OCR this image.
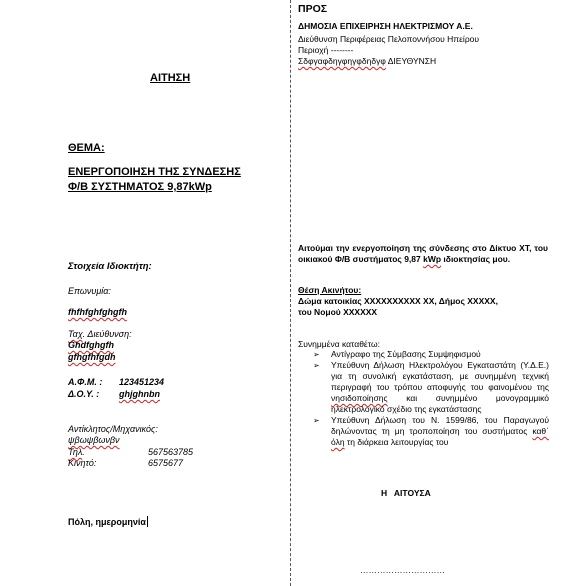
ΑΙΤΗΣΗ
ΘΕΜΑ:
ΕΝΕΡΓΟΠΟΙΗΣΗ ΤΗΣ ΣΥΝΔΕΣΗΣ
Φ/Β ΣΥΣΤΗΜΑΤΟΣ 9,87kWp
Στοιχεία Ιδιοκτήτη:
Επωνυμία:
fhfhfghfghgfh
Ταχ. Διεύθυνση:
Ghdfghgfh
gfhgfhfgdh
Α.Φ.Μ. : 123451234
Δ.Ο.Υ. : ghjghnbn
Αντίκλητος/Μηχανικός:
ψβωψβωνβν
Τηλ.	567563785
Κινητό:	6575677
Πόλη, ημερομηνία
ΠΡΟΣ
ΔΗΜΟΣΙΑ ΕΠΙΧΕΙΡΗΣΗ ΗΛΕΚΤΡΙΣΜΟΥ Α.Ε.
Διεύθυνση Περιφέρειας Πελοποννήσου Ηπείρου
Περιοχή --------
Σδφγαφδηγφηγφδηδγφ ΔΙΕΥΘΥΝΣΗ
Αιτούμαι την ενεργοποίηση της σύνδεσης στο Δίκτυο ΧΤ, του οικιακού Φ/Β συστήματος 9,87 kWp ιδιοκτησίας μου.
Θέση Ακινήτου:
Δώμα κατοικίας ΧΧΧΧΧΧΧΧΧΧ ΧΧ, Δήμος ΧΧΧΧΧ,
του Νομού ΧΧΧΧΧΧ
Συνημμένα καταθέτω:
➢ Αντίγραφο της Σύμβασης Συμψηφισμού
➢ Υπεύθυνη Δήλωση Ηλεκτρολόγου Εγκαταστάτη (Υ.Δ.Ε.) για τη συνολική εγκατάσταση, με συνημμένη τεχνική περιγραφή του τρόπου αποφυγής του φαινομένου της νησιδοποίησης και συνημμένο μονογραμμικό ηλεκτρολογικό σχέδιο της εγκατάστασης
➢ Υπεύθυνη Δήλωση του Ν. 1599/86, του Παραγωγού δηλώνοντας τη μη τροποποίηση του συστήματος καθ΄ όλη τη διάρκεια λειτουργίας του
Η   ΑΙΤΟΥΣΑ
…………………………
